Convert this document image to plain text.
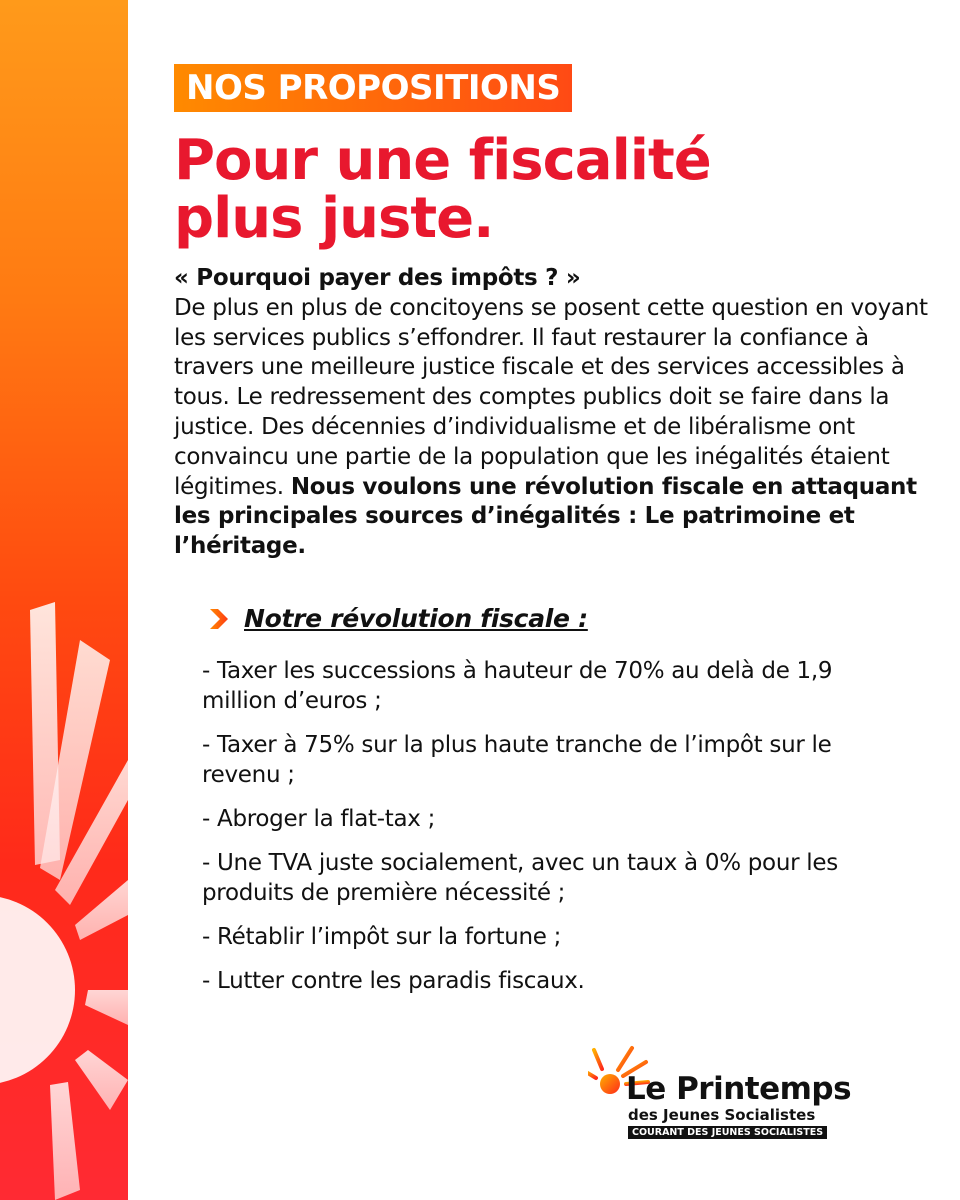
NOS PROPOSITIONS
Pour une fiscalité
plus juste.
« Pourquoi payer des impôts ? »
De plus en plus de concitoyens se posent cette question en voyant les services publics s’effondrer. Il faut restaurer la confiance à travers une meilleure justice fiscale et des services accessibles à tous. Le redressement des comptes publics doit se faire dans la justice. Des décennies d’individualisme et de libéralisme ont convaincu une partie de la population que les inégalités étaient légitimes. Nous voulons une révolution fiscale en attaquant les principales sources d’inégalités : Le patrimoine et l’héritage.
Notre révolution fiscale :
- Taxer les successions à hauteur de 70% au delà de 1,9 million d’euros ;
- Taxer à 75% sur la plus haute tranche de l’impôt sur le revenu ;
- Abroger la flat-tax ;
- Une TVA juste socialement, avec un taux à 0% pour les produits de première nécessité ;
- Rétablir l’impôt sur la fortune ;
- Lutter contre les paradis fiscaux.
Le Printemps
des Jeunes Socialistes
COURANT DES JEUNES SOCIALISTES
